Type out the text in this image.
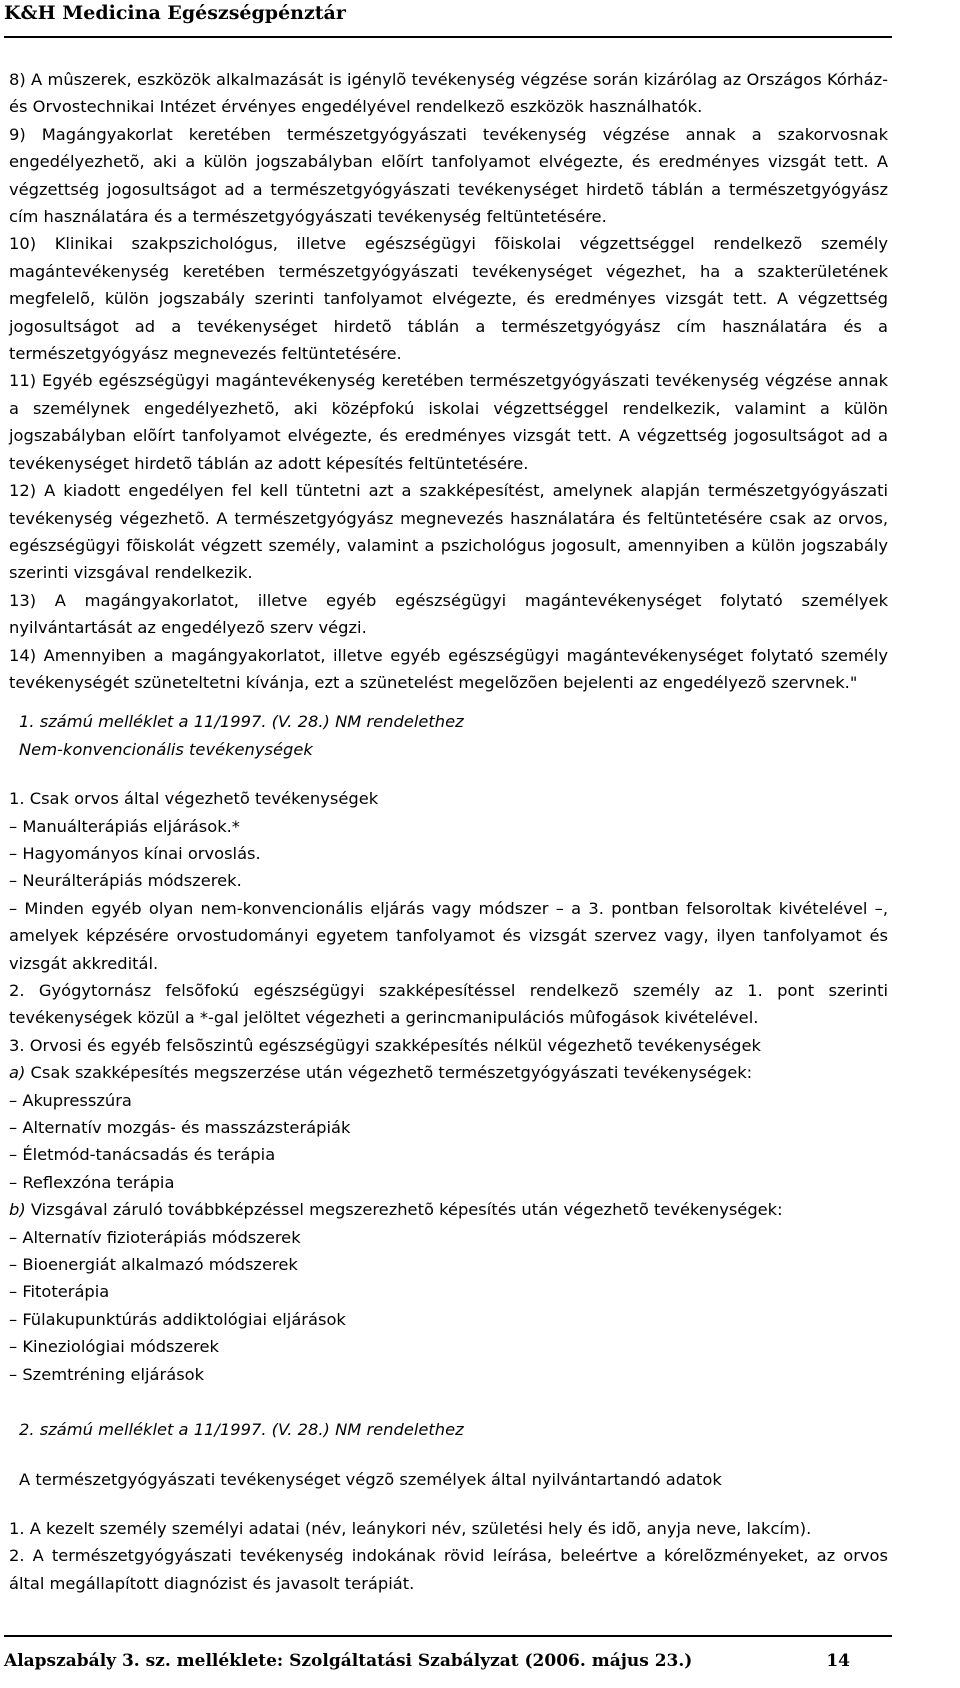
K&H Medicina Egészségpénztár

8) A mûszerek, eszközök alkalmazását is igénylõ tevékenység végzése során kizárólag az Országos Kórház- és Orvostechnikai Intézet érvényes engedélyével rendelkezõ eszközök használhatók.

9) Magángyakorlat keretében természetgyógyászati tevékenység végzése annak a szakorvosnak engedélyezhetõ, aki a külön jogszabályban elõírt tanfolyamot elvégezte, és eredményes vizsgát tett. A végzettség jogosultságot ad a természetgyógyászati tevékenységet hirdetõ táblán a természetgyógyász cím használatára és a természetgyógyászati tevékenység feltüntetésére.

10) Klinikai szakpszichológus, illetve egészségügyi fõiskolai végzettséggel rendelkezõ személy magántevékenység keretében természetgyógyászati tevékenységet végezhet, ha a szakterületének megfelelõ, külön jogszabály szerinti tanfolyamot elvégezte, és eredményes vizsgát tett. A végzettség jogosultságot ad a tevékenységet hirdetõ táblán a természetgyógyász cím használatára és a természetgyógyász megnevezés feltüntetésére.

11) Egyéb egészségügyi magántevékenység keretében természetgyógyászati tevékenység végzése annak a személynek engedélyezhetõ, aki középfokú iskolai végzettséggel rendelkezik, valamint a külön jogszabályban elõírt tanfolyamot elvégezte, és eredményes vizsgát tett. A végzettség jogosultságot ad a tevékenységet hirdetõ táblán az adott képesítés feltüntetésére.

12) A kiadott engedélyen fel kell tüntetni azt a szakképesítést, amelynek alapján természetgyógyászati tevékenység végezhetõ. A természetgyógyász megnevezés használatára és feltüntetésére csak az orvos, egészségügyi fõiskolát végzett személy, valamint a pszichológus jogosult, amennyiben a külön jogszabály szerinti vizsgával rendelkezik.

13) A magángyakorlatot, illetve egyéb egészségügyi magántevékenységet folytató személyek nyilvántartását az engedélyezõ szerv végzi.

14) Amennyiben a magángyakorlatot, illetve egyéb egészségügyi magántevékenységet folytató személy tevékenységét szüneteltetni kívánja, ezt a szünetelést megelõzõen bejelenti az engedélyezõ szervnek."

1. számú melléklet a 11/1997. (V. 28.) NM rendelethez

Nem-konvencionális tevékenységek

1. Csak orvos által végezhetõ tevékenységek

– Manuálterápiás eljárások.*

– Hagyományos kínai orvoslás.

– Neurálterápiás módszerek.

– Minden egyéb olyan nem-konvencionális eljárás vagy módszer – a 3. pontban felsoroltak kivételével –, amelyek képzésére orvostudományi egyetem tanfolyamot és vizsgát szervez vagy, ilyen tanfolyamot és vizsgát akkreditál.

2. Gyógytornász felsõfokú egészségügyi szakképesítéssel rendelkezõ személy az 1. pont szerinti tevékenységek közül a *-gal jelöltet végezheti a gerincmanipulációs mûfogások kivételével.

3. Orvosi és egyéb felsõszintû egészségügyi szakképesítés nélkül végezhetõ tevékenységek

a) Csak szakképesítés megszerzése után végezhetõ természetgyógyászati tevékenységek:

– Akupresszúra

– Alternatív mozgás- és masszázsterápiák

– Életmód-tanácsadás és terápia

– Reflexzóna terápia

b) Vizsgával záruló továbbképzéssel megszerezhetõ képesítés után végezhetõ tevékenységek:

– Alternatív fizioterápiás módszerek

– Bioenergiát alkalmazó módszerek

– Fitoterápia

– Fülakupunktúrás addiktológiai eljárások

– Kineziológiai módszerek

– Szemtréning eljárások

2. számú melléklet a 11/1997. (V. 28.) NM rendelethez

A természetgyógyászati tevékenységet végzõ személyek által nyilvántartandó adatok

1. A kezelt személy személyi adatai (név, leánykori név, születési hely és idõ, anyja neve, lakcím).

2. A természetgyógyászati tevékenység indokának rövid leírása, beleértve a kórelõzményeket, az orvos által megállapított diagnózist és javasolt terápiát.

Alapszabály 3. sz. melléklete: Szolgáltatási Szabályzat (2006. május 23.)	14
